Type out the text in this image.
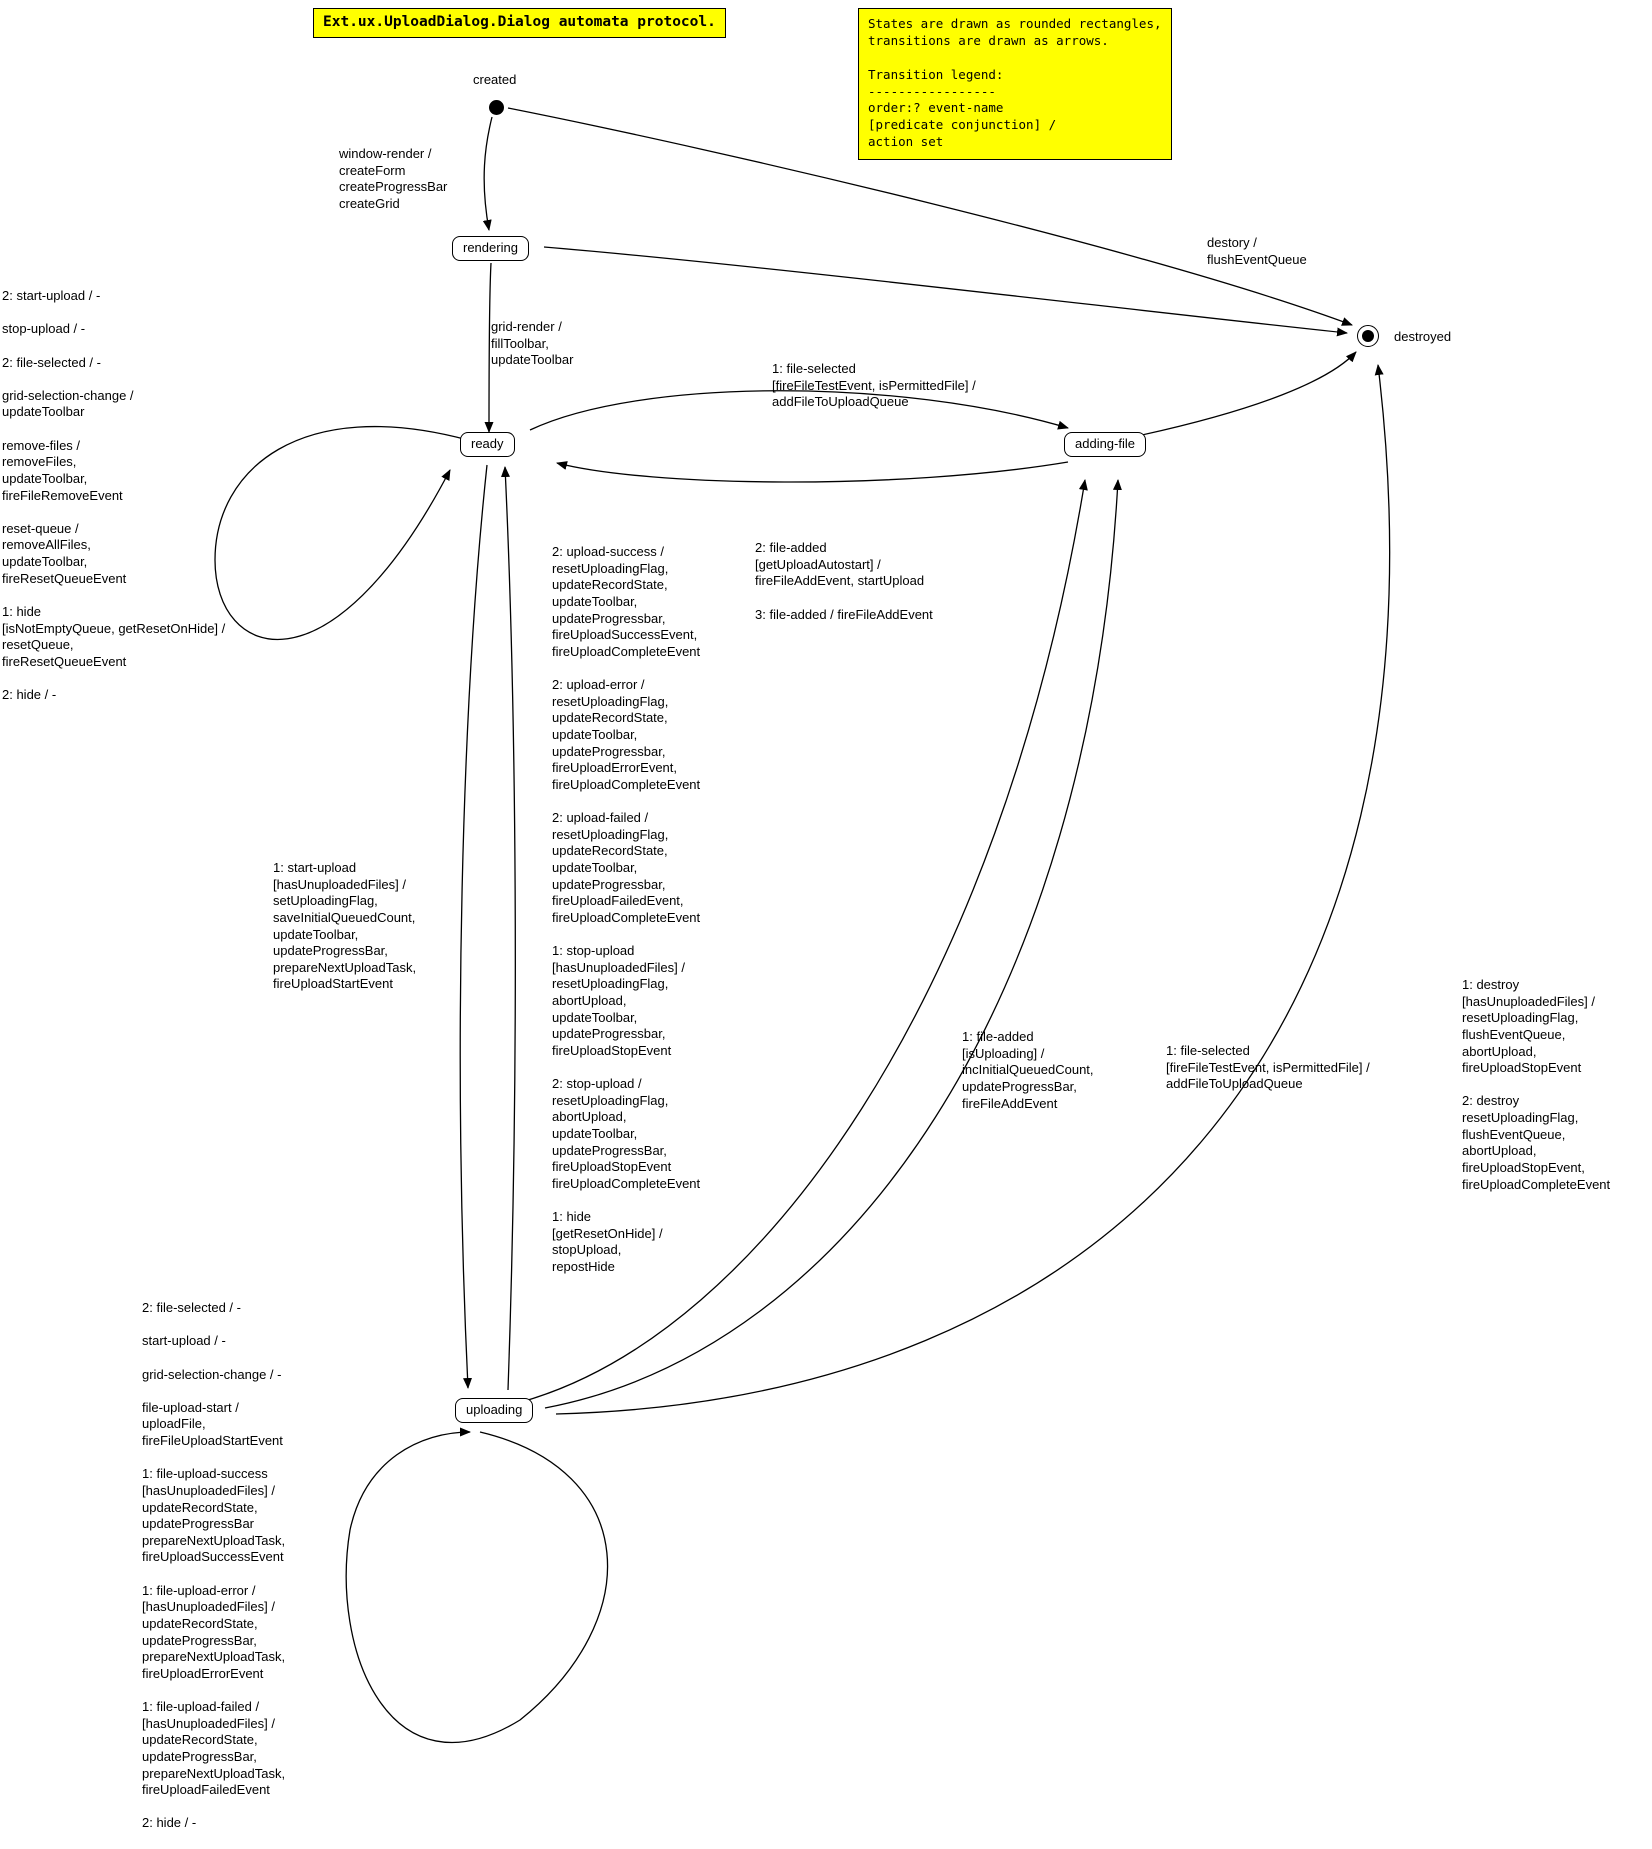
Ext.ux.UploadDialog.Dialog automata protocol.	States are drawn as rounded rectangles,
transitions are drawn as arrows.

Transition legend:
-----------------
order:? event-name
[predicate conjunction] /
action set
created
rendering
ready	adding-file
uploading
destroyed
window-render /
createForm
createProgressBar
createGrid
destory /
flushEventQueue
grid-render /
fillToolbar,
updateToolbar
1: file-selected
[fireFileTestEvent, isPermittedFile] /
addFileToUploadQueue
2: file-added
[getUploadAutostart] /
fireFileAddEvent, startUpload

3: file-added / fireFileAddEvent
2: upload-success /
resetUploadingFlag,
updateRecordState,
updateToolbar,
updateProgressbar,
fireUploadSuccessEvent,
fireUploadCompleteEvent

2: upload-error /
resetUploadingFlag,
updateRecordState,
updateToolbar,
updateProgressbar,
fireUploadErrorEvent,
fireUploadCompleteEvent

2: upload-failed /
resetUploadingFlag,
updateRecordState,
updateToolbar,
updateProgressbar,
fireUploadFailedEvent,
fireUploadCompleteEvent

1: stop-upload
[hasUnuploadedFiles] /
resetUploadingFlag,
abortUpload,
updateToolbar,
updateProgressbar,
fireUploadStopEvent

2: stop-upload /
resetUploadingFlag,
abortUpload,
updateToolbar,
updateProgressBar,
fireUploadStopEvent
fireUploadCompleteEvent

1: hide
[getResetOnHide] /
stopUpload,
repostHide
1: start-upload
[hasUnuploadedFiles] /
setUploadingFlag,
saveInitialQueuedCount,
updateToolbar,
updateProgressBar,
prepareNextUploadTask,
fireUploadStartEvent
1: file-added
[isUploading] /
incInitialQueuedCount,
updateProgressBar,
fireFileAddEvent
1: file-selected
[fireFileTestEvent, isPermittedFile] /
addFileToUploadQueue
1: destroy
[hasUnuploadedFiles] /
resetUploadingFlag,
flushEventQueue,
abortUpload,
fireUploadStopEvent

2: destroy
resetUploadingFlag,
flushEventQueue,
abortUpload,
fireUploadStopEvent,
fireUploadCompleteEvent
2: start-upload / -

stop-upload / -

2: file-selected / -

grid-selection-change /
updateToolbar

remove-files /
removeFiles,
updateToolbar,
fireFileRemoveEvent

reset-queue /
removeAllFiles,
updateToolbar,
fireResetQueueEvent

1: hide
[isNotEmptyQueue, getResetOnHide] /
resetQueue,
fireResetQueueEvent

2: hide / -
2: file-selected / -

start-upload / -

grid-selection-change / -

file-upload-start /
uploadFile,
fireFileUploadStartEvent

1: file-upload-success
[hasUnuploadedFiles] /
updateRecordState,
updateProgressBar
prepareNextUploadTask,
fireUploadSuccessEvent

1: file-upload-error /
[hasUnuploadedFiles] /
updateRecordState,
updateProgressBar,
prepareNextUploadTask,
fireUploadErrorEvent

1: file-upload-failed /
[hasUnuploadedFiles] /
updateRecordState,
updateProgressBar,
prepareNextUploadTask,
fireUploadFailedEvent

2: hide / -
